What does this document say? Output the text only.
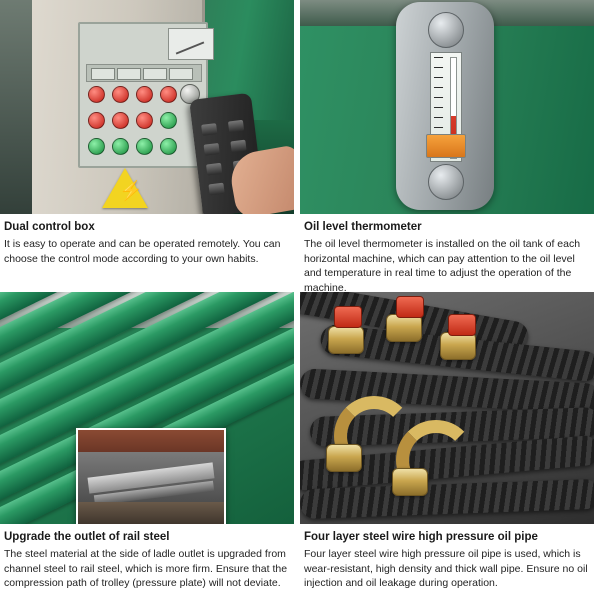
⚡

Dual control box

It is easy to operate and can be operated remotely. You can choose the control mode according to your own habits.

Oil level thermometer

The oil level thermometer is installed on the oil tank of each horizontal machine, which can pay attention to the oil level and temperature in real time to adjust the operation of the machine.

Upgrade the outlet of rail steel

The steel material at the side of ladle outlet is upgraded from channel steel to rail steel, which is more firm. Ensure that the compression path of trolley (pressure plate) will not deviate.

Four layer steel wire high pressure oil pipe

Four layer steel wire high pressure oil pipe is used, which is wear-resistant, high density and thick wall pipe. Ensure no oil injection and oil leakage during operation.
